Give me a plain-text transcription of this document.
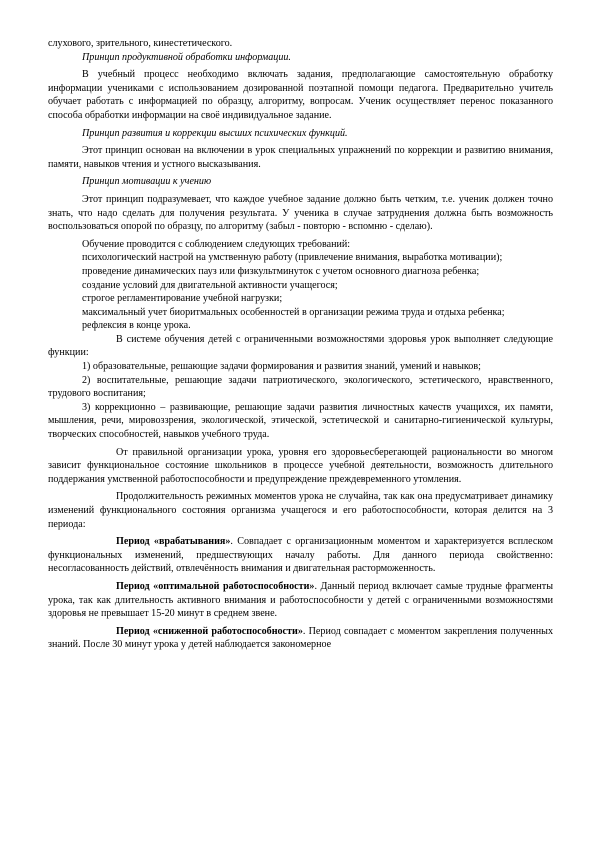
слухового, зрительного, кинестетического.

Принцип продуктивной обработки информации.

В учебный процесс необходимо включать задания, предполагающие самостоятельную обработку информации учениками с использованием дозированной поэтапной помощи педагога. Предварительно учитель обучает работать с информацией по образцу, алгоритму, вопросам. Ученик осуществляет перенос показанного способа обработки информации на своё индивидуальное задание.

Принцип развития и коррекции высших психических функций.

Этот принцип основан на включении в урок специальных упражнений по коррекции и развитию внимания, памяти, навыков чтения и устного высказывания.

Принцип мотивации к учению

Этот принцип подразумевает, что каждое учебное задание должно быть четким, т.е. ученик должен точно знать, что надо сделать для получения результата. У ученика в случае затруднения должна быть возможность воспользоваться опорой по образцу, по алгоритму (забыл - повторю - вспомню - сделаю).

Обучение проводится с соблюдением следующих требований:

психологический настрой на умственную работу (привлечение внимания, выработка мотивации);

проведение динамических пауз или физкультминуток с учетом основного диагноза ребенка;

создание условий для двигательной активности учащегося;

строгое регламентирование учебной нагрузки;

максимальный учет биоритмальных особенностей в организации режима труда и отдыха ребенка;

рефлексия в конце урока.

В системе обучения детей с ограниченными возможностями здоровья урок выполняет следующие функции:

1) образовательные, решающие задачи формирования и развития знаний, умений и навыков;

2) воспитательные, решающие задачи патриотического, экологического, эстетического, нравственного, трудового воспитания;

3) коррекционно – развивающие, решающие задачи развития личностных качеств учащихся, их памяти, мышления, речи, мировоззрения, экологической, этической, эстетической и санитарно-гигиенической культуры, творческих способностей, навыков учебного труда.

От правильной организации урока, уровня его здоровьесберегающей рациональности во многом зависит функциональное состояние школьников в процессе учебной деятельности, возможность длительного поддержания умственной работоспособности и предупреждение преждевременного утомления.

Продолжительность режимных моментов урока не случайна, так как она предусматривает динамику изменений функционального состояния организма учащегося и его работоспособности, которая делится на 3 периода:

Период «врабатывания». Совпадает с организационным моментом и характеризуется всплеском функциональных изменений, предшествующих началу работы. Для данного периода свойственно: несогласованность действий, отвлечённость внимания и двигательная расторможенность.

Период «оптимальной работоспособности». Данный период включает самые трудные фрагменты урока, так как длительность активного внимания и работоспособности у детей с ограниченными возможностями здоровья не превышает 15-20 минут в среднем звене.

Период «сниженной работоспособности». Период совпадает с моментом закрепления полученных знаний. После 30 минут урока у детей наблюдается закономерное
